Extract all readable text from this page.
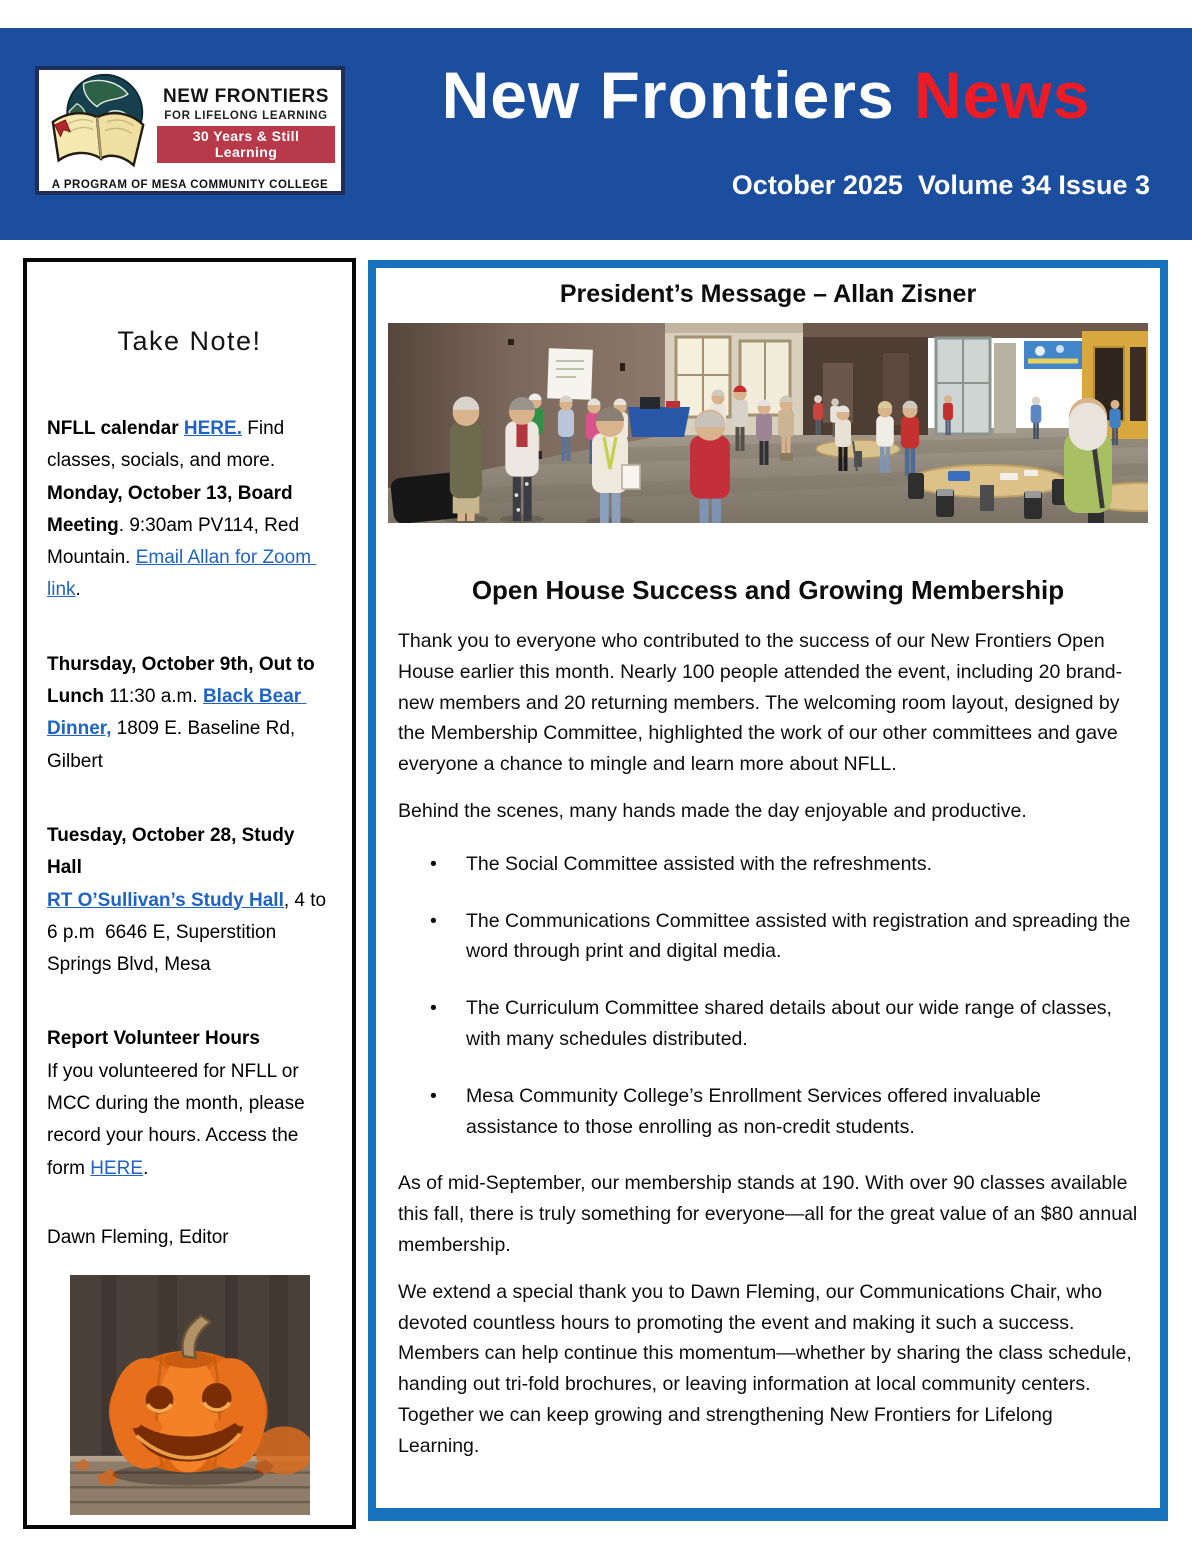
NEW FRONTIERS
FOR LIFELONG LEARNING
30 Years & Still Learning
A PROGRAM OF MESA COMMUNITY COLLEGE
New Frontiers News
October 2025  Volume 34 Issue 3
Take Note!
NFLL calendar HERE. Find classes, socials, and more. Monday, October 13, Board Meeting. 9:30am PV114, Red Mountain. Email Allan for Zoom link.
Thursday, October 9th, Out to Lunch 11:30 a.m. Black Bear Dinner, 1809 E. Baseline Rd, Gilbert
Tuesday, October 28, Study Hall
RT O’Sullivan’s Study Hall, 4 to 6 p.m  6646 E, Superstition Springs Blvd, Mesa
Report Volunteer Hours
If you volunteered for NFLL or MCC during the month, please record your hours. Access the form HERE.
Dawn Fleming, Editor
President’s Message – Allan Zisner
Open House Success and Growing Membership

Thank you to everyone who contributed to the success of our New Frontiers Open House earlier this month. Nearly 100 people attended the event, including 20 brand-new members and 20 returning members. The welcoming room layout, designed by the Membership Committee, highlighted the work of our other committees and gave everyone a chance to mingle and learn more about NFLL.

Behind the scenes, many hands made the day enjoyable and productive.

• The Social Committee assisted with the refreshments.
• The Communications Committee assisted with registration and spreading the word through print and digital media.
• The Curriculum Committee shared details about our wide range of classes, with many schedules distributed.
• Mesa Community College’s Enrollment Services offered invaluable assistance to those enrolling as non-credit students.

As of mid-September, our membership stands at 190. With over 90 classes available this fall, there is truly something for everyone—all for the great value of an $80 annual membership.

We extend a special thank you to Dawn Fleming, our Communications Chair, who devoted countless hours to promoting the event and making it such a success. Members can help continue this momentum—whether by sharing the class schedule, handing out tri-fold brochures, or leaving information at local community centers. Together we can keep growing and strengthening New Frontiers for Lifelong Learning.
